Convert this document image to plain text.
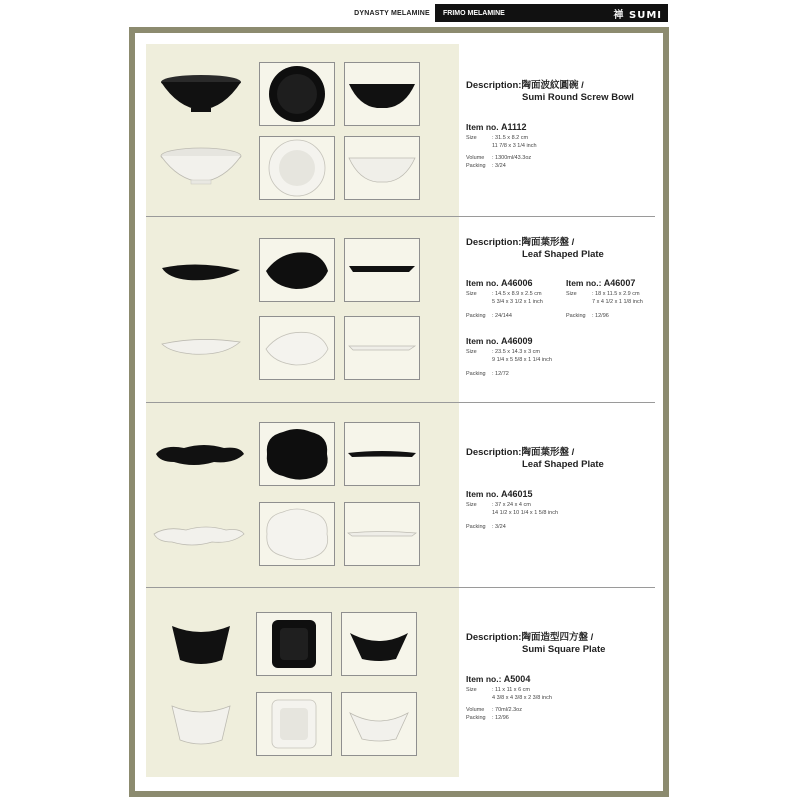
DYNASTY MELAMINE	FRIMO MELAMINE	禅 SUMI
Description:陶面波紋圓碗 /
Sumi Round Screw Bowl
Item no. A1112
Size	: 31.5 x 8.2 cm
11 7/8 x 3 1/4 inch
Volume : 1300ml/43.3oz
Packing : 3/24
Description:陶面葉形盤 /
Leaf Shaped Plate
Item no. A46006
Size	: 14.5 x 8.9 x 2.5 cm
5 3/4 x 3 1/2 x 1 inch
Packing : 24/144
Item no.: A46007
Size	: 18 x 11.5 x 2.9 cm
7 x 4 1/2 x 1 1/8 inch
Packing : 12/96
Item no. A46009
Size	: 23.5 x 14.3 x 3 cm
9 1/4 x 5 5/8 x 1 1/4 inch
Packing : 12/72
Description:陶面葉形盤 /
Leaf Shaped Plate
Item no. A46015
Size	: 37 x 24 x 4 cm
14 1/2 x 10 1/4 x 1 5/8 inch
Packing : 3/24
Description:陶面造型四方盤 /
Sumi Square Plate
Item no.: A5004
Size	: 11 x 11 x 6 cm
4 3/8 x 4 3/8 x 2 3/8 inch
Volume : 70ml/2.3oz
Packing : 12/96
